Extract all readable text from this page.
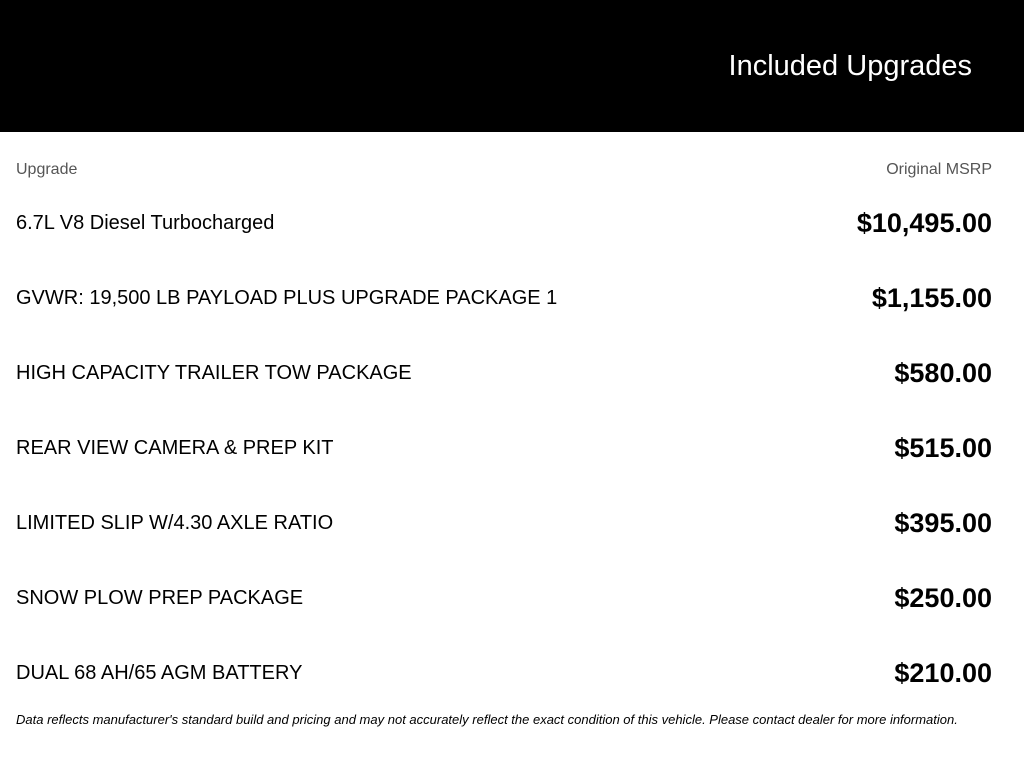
Included Upgrades
Upgrade	Original MSRP
6.7L V8 Diesel Turbocharged	$10,495.00
GVWR: 19,500 LB PAYLOAD PLUS UPGRADE PACKAGE 1	$1,155.00
HIGH CAPACITY TRAILER TOW PACKAGE	$580.00
REAR VIEW CAMERA & PREP KIT	$515.00
LIMITED SLIP W/4.30 AXLE RATIO	$395.00
SNOW PLOW PREP PACKAGE	$250.00
DUAL 68 AH/65 AGM BATTERY	$210.00
Data reflects manufacturer's standard build and pricing and may not accurately reflect the exact condition of this vehicle. Please contact dealer for more information.
